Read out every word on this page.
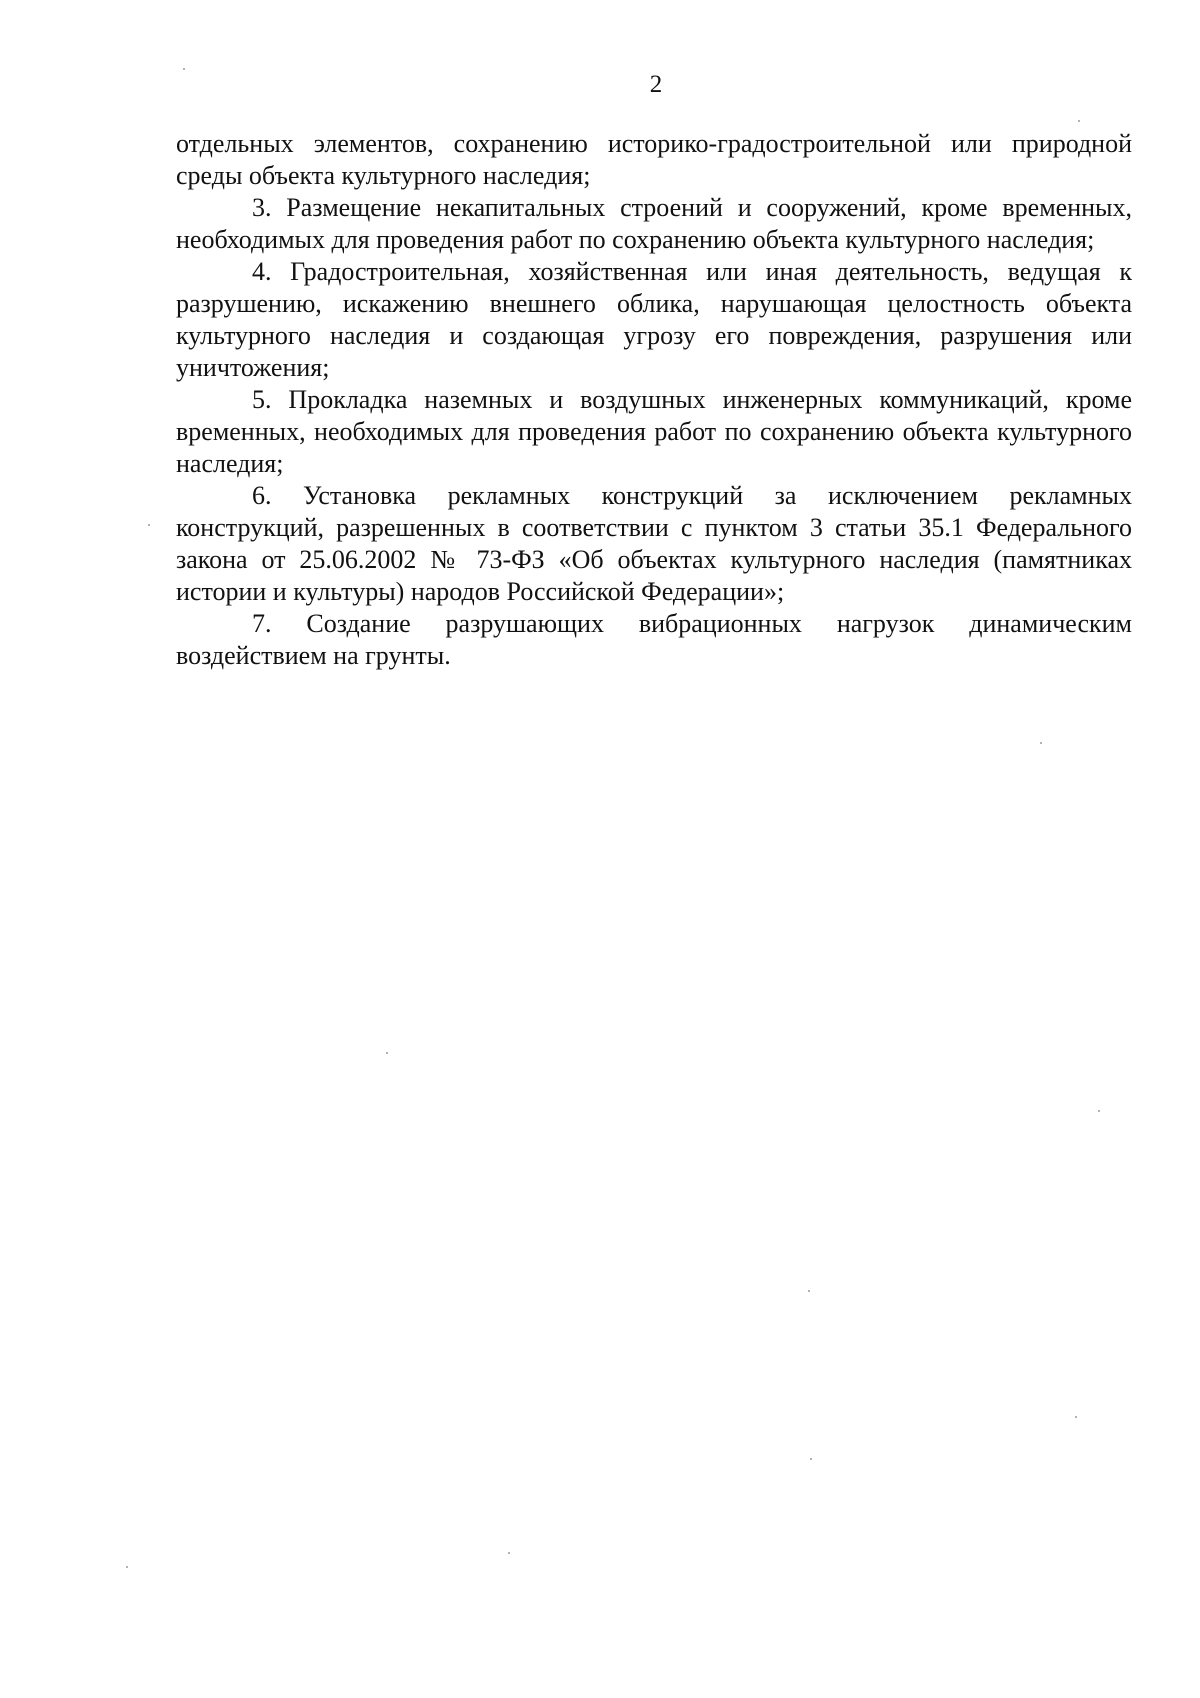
2

отдельных элементов, сохранению историко-градостроительной или природной среды объекта культурного наследия;

3. Размещение некапитальных строений и сооружений, кроме временных, необходимых для проведения работ по сохранению объекта культурного наследия;

4. Градостроительная, хозяйственная или иная деятельность, ведущая к разрушению, искажению внешнего облика, нарушающая целостность объекта культурного наследия и создающая угрозу его повреждения, разрушения или уничтожения;

5. Прокладка наземных и воздушных инженерных коммуникаций, кроме временных, необходимых для проведения работ по сохранению объекта культурного наследия;

6. Установка рекламных конструкций за исключением рекламных конструкций, разрешенных в соответствии с пунктом 3 статьи 35.1 Федерального закона от 25.06.2002 № 73-ФЗ «Об объектах культурного наследия (памятниках истории и культуры) народов Российской Федерации»;

7. Создание разрушающих вибрационных нагрузок динамическим воздействием на грунты.
